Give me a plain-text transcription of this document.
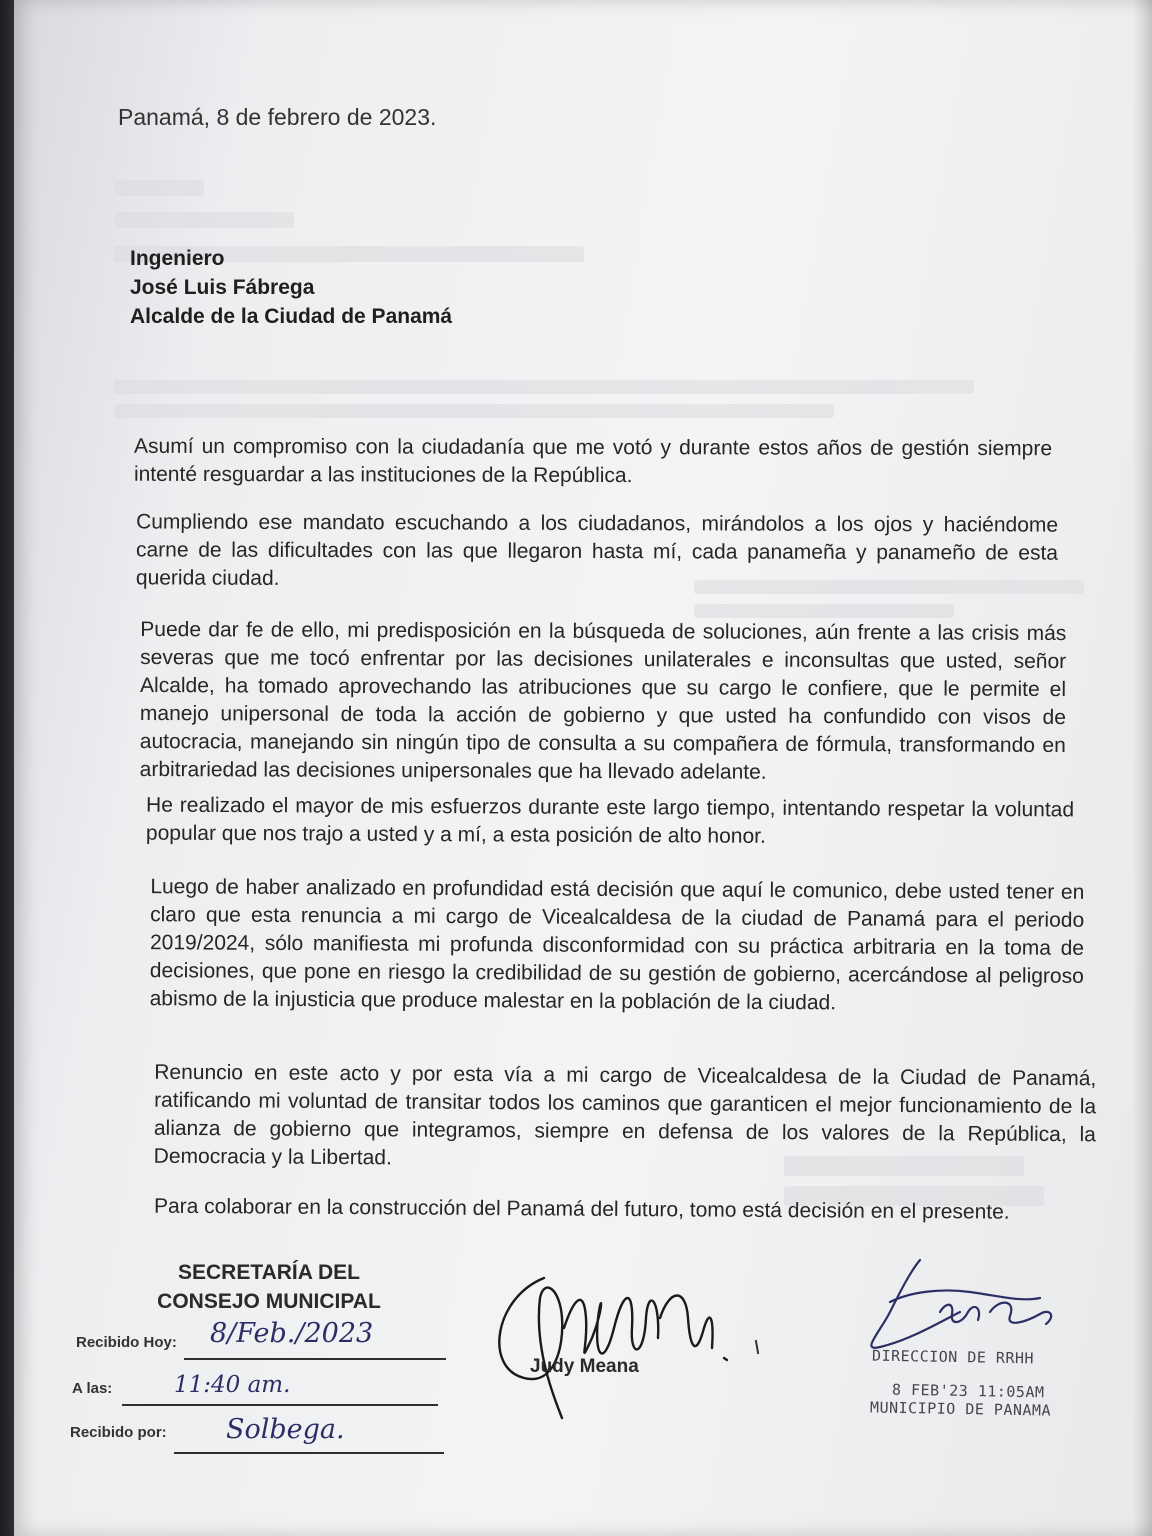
Panamá, 8 de febrero de 2023.
Ingeniero
José Luis Fábrega
Alcalde de la Ciudad de Panamá
Asumí un compromiso con la ciudadanía que me votó y durante estos años de gestión siempre intenté resguardar a las instituciones de la República.
Cumpliendo ese mandato escuchando a los ciudadanos, mirándolos a los ojos y haciéndome carne de las dificultades con las que llegaron hasta mí, cada panameña y panameño de esta querida ciudad.
Puede dar fe de ello, mi predisposición en la búsqueda de soluciones, aún frente a las crisis más severas que me tocó enfrentar por las decisiones unilaterales e inconsultas que usted, señor Alcalde, ha tomado aprovechando las atribuciones que su cargo le confiere, que le permite el manejo unipersonal de toda la acción de gobierno y que usted ha confundido con visos de autocracia, manejando sin ningún tipo de consulta a su compañera de fórmula, transformando en arbitrariedad las decisiones unipersonales que ha llevado adelante.
He realizado el mayor de mis esfuerzos durante este largo tiempo, intentando respetar la voluntad popular que nos trajo a usted y a mí, a esta posición de alto honor.
Luego de haber analizado en profundidad está decisión que aquí le comunico, debe usted tener en claro que esta renuncia a mi cargo de Vicealcaldesa de la ciudad de Panamá para el periodo 2019/2024, sólo manifiesta mi profunda disconformidad con su práctica arbitraria en la toma de decisiones, que pone en riesgo la credibilidad de su gestión de gobierno, acercándose al peligroso abismo de la injusticia que produce malestar en la población de la ciudad.
Renuncio en este acto y por esta vía a mi cargo de Vicealcaldesa de la Ciudad de Panamá, ratificando mi voluntad de transitar todos los caminos que garanticen el mejor funcionamiento de la alianza de gobierno que integramos, siempre en defensa de los valores de la República, la Democracia y la Libertad.
Para colaborar en la construcción del Panamá del futuro, tomo está decisión en el presente.
SECRETARÍA DEL
CONSEJO MUNICIPAL
Recibido Hoy: 8/Feb./2023
A las:	11:40 am.
Recibido por: Solbega.
Judy Meana	DIRECCION DE RRHH
8 FEB'23 11:05AM
MUNICIPIO DE PANAMA
